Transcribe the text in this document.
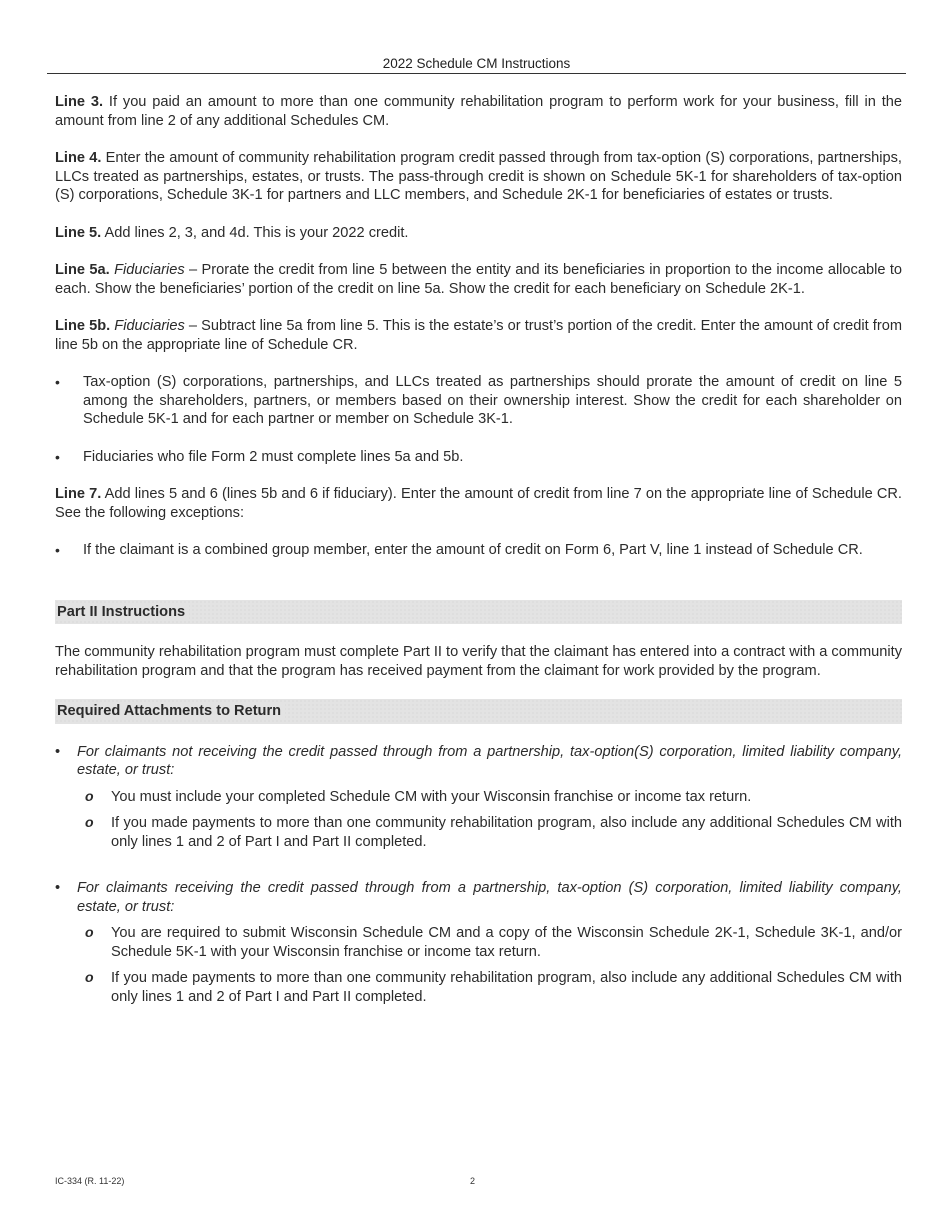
2022 Schedule CM Instructions

Line 3. If you paid an amount to more than one community rehabilitation program to perform work for your business, fill in the amount from line 2 of any additional Schedules CM.

Line 4. Enter the amount of community rehabilitation program credit passed through from tax-option (S) corporations, partnerships, LLCs treated as partnerships, estates, or trusts. The pass-through credit is shown on Schedule 5K-1 for shareholders of tax-option (S) corporations, Schedule 3K-1 for partners and LLC members, and Schedule 2K-1 for beneficiaries of estates or trusts.

Line 5. Add lines 2, 3, and 4d. This is your 2022 credit.

Line 5a. Fiduciaries – Prorate the credit from line 5 between the entity and its beneficiaries in proportion to the income allocable to each. Show the beneficiaries’ portion of the credit on line 5a. Show the credit for each beneficiary on Schedule 2K-1.

Line 5b. Fiduciaries – Subtract line 5a from line 5. This is the estate’s or trust’s portion of the credit. Enter the amount of credit from line 5b on the appropriate line of Schedule CR.

• Tax-option (S) corporations, partnerships, and LLCs treated as partnerships should prorate the amount of credit on line 5 among the shareholders, partners, or members based on their ownership interest. Show the credit for each shareholder on Schedule 5K-1 and for each partner or member on Schedule 3K-1.
• Fiduciaries who file Form 2 must complete lines 5a and 5b.

Line 7. Add lines 5 and 6 (lines 5b and 6 if fiduciary). Enter the amount of credit from line 7 on the appropriate line of Schedule CR. See the following exceptions:

• If the claimant is a combined group member, enter the amount of credit on Form 6, Part V, line 1 instead of Schedule CR.
Part II Instructions

The community rehabilitation program must complete Part II to verify that the claimant has entered into a contract with a community rehabilitation program and that the program has received payment from the claimant for work provided by the program.

Required Attachments to Return
• For claimants not receiving the credit passed through from a partnership, tax-option(S) corporation, limited liability company, estate, or trust:
o You must include your completed Schedule CM with your Wisconsin franchise or income tax return.
o If you made payments to more than one community rehabilitation program, also include any additional Schedules CM with only lines 1 and 2 of Part I and Part II completed.
• For claimants receiving the credit passed through from a partnership, tax-option (S) corporation, limited liability company, estate, or trust:
o You are required to submit Wisconsin Schedule CM and a copy of the Wisconsin Schedule 2K-1, Schedule 3K-1, and/or Schedule 5K-1 with your Wisconsin franchise or income tax return.
o If you made payments to more than one community rehabilitation program, also include any additional Schedules CM with only lines 1 and 2 of Part I and Part II completed.
IC-334 (R. 11-22)	2
